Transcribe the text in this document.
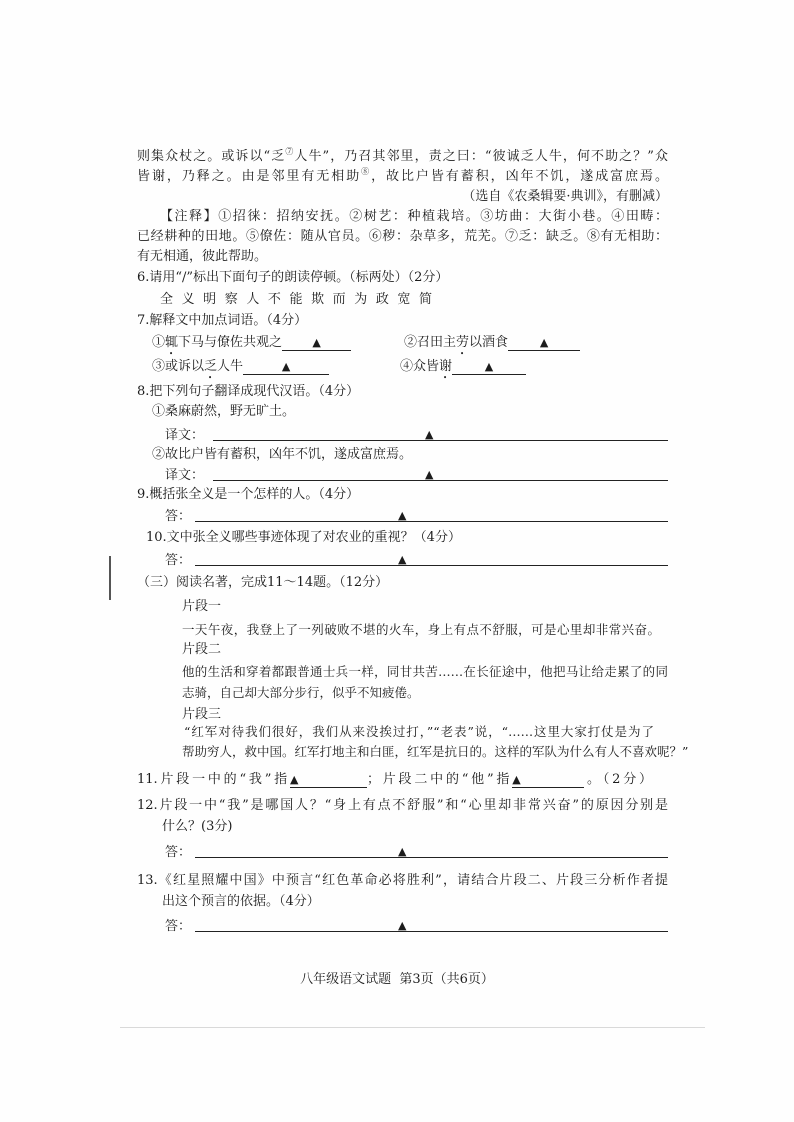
则集众杖之。或诉以“乏⑦人牛”，乃召其邻里，责之曰：“彼诚乏人牛，何不助之？”众
皆谢，乃释之。由是邻里有无相助⑧，故比户皆有蓄积，凶年不饥，遂成富庶焉。
（选自《农桑辑要·典训》，有删减）
【注释】①招徕：招纳安抚。②树艺：种植栽培。③坊曲：大街小巷。④田畴：
已经耕种的田地。⑤僚佐：随从官员。⑥秽：杂草多，荒芜。⑦乏：缺乏。⑧有无相助：
有无相通，彼此帮助。
6.请用“/”标出下面句子的朗读停顿。（标两处）（2分）
全 义 明 察 人 不 能 欺 而 为 政 宽 简
7.解释文中加点词语。（4分）
①辄下马与僚佐共观之	▲	②召田主劳以酒食	▲
③或诉以乏人牛	▲	④众皆谢	▲
8.把下列句子翻译成现代汉语。（4分）
①桑麻蔚然，野无旷土。
译文：	▲
②故比户皆有蓄积，凶年不饥，遂成富庶焉。
译文：	▲
9.概括张全义是一个怎样的人。（4分）
答：	▲
10.文中张全义哪些事迹体现了对农业的重视？（4分）
答：	▲
（三）阅读名著，完成11～14题。（12分）
片段一
一天午夜，我登上了一列破败不堪的火车，身上有点不舒服，可是心里却非常兴奋。
片段二
他的生活和穿着都跟普通士兵一样，同甘共苦……在长征途中，他把马让给走累了的同
志骑，自己却大部分步行，似乎不知疲倦。
片段三
“红军对待我们很好，我们从来没挨过打，”“老表”说，“……这里大家打仗是为了
帮助穷人，救中国。红军打地主和白匪，红军是抗日的。这样的军队为什么有人不喜欢呢？”
11.片段一中的“我”指▲	；片段二中的“他”指▲	。（2分）
12.片段一中“我”是哪国人？“身上有点不舒服”和“心里却非常兴奋”的原因分别是
什么？(3分)
答：	▲
13.《红星照耀中国》中预言“红色革命必将胜利”，请结合片段二、片段三分析作者提
出这个预言的依据。（4分）
答：	▲
八年级语文试题  第3页（共6页）
